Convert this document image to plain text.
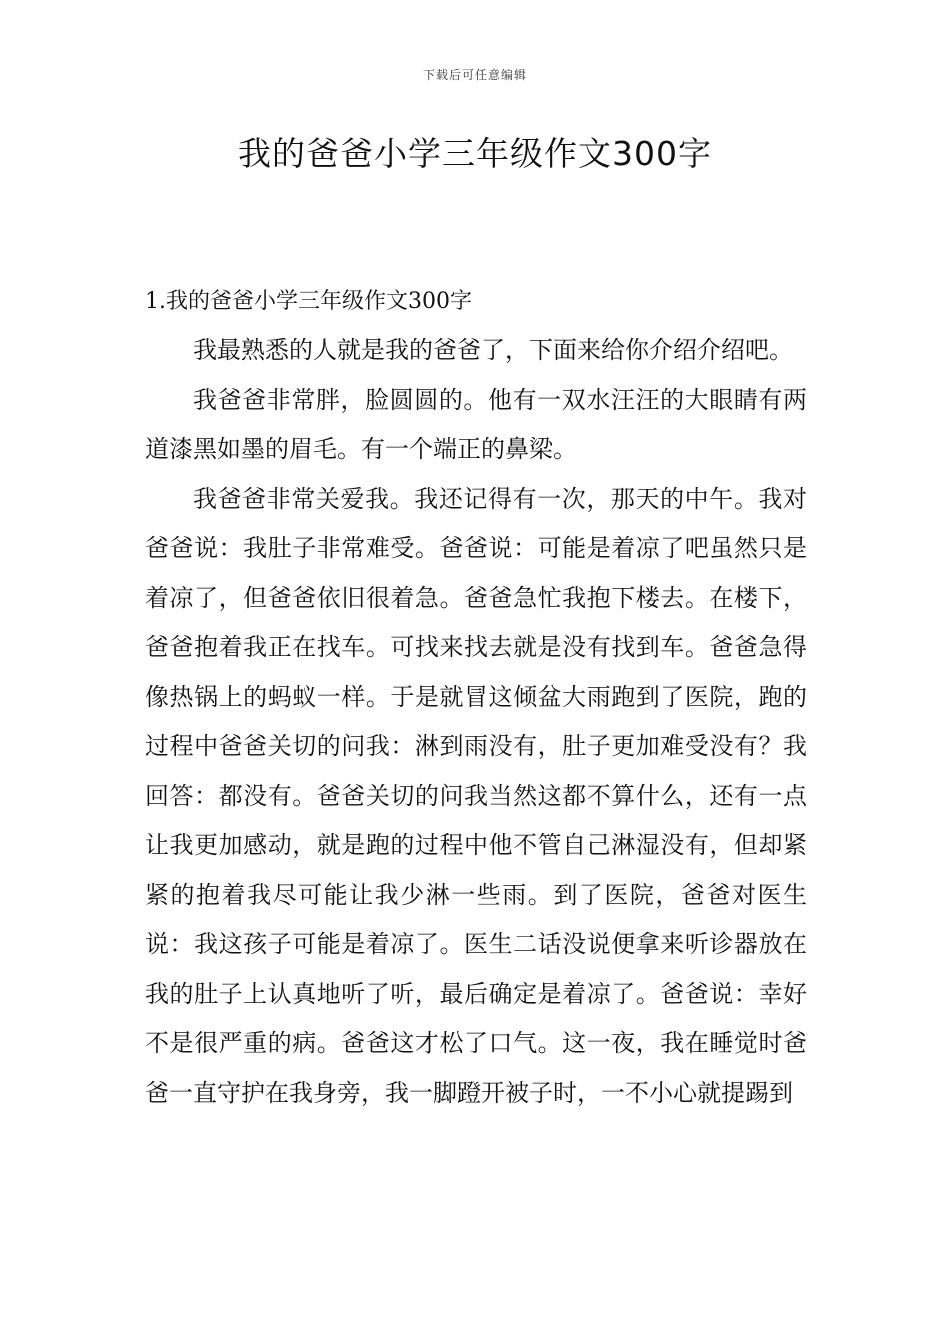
下载后可任意编辑
我的爸爸小学三年级作文300字
1.我的爸爸小学三年级作文300字

我最熟悉的人就是我的爸爸了，下面来给你介绍介绍吧。

我爸爸非常胖，脸圆圆的。他有一双水汪汪的大眼睛有两道漆黑如墨的眉毛。有一个端正的鼻梁。

我爸爸非常关爱我。我还记得有一次，那天的中午。我对爸爸说：我肚子非常难受。爸爸说：可能是着凉了吧虽然只是着凉了，但爸爸依旧很着急。爸爸急忙我抱下楼去。在楼下，爸爸抱着我正在找车。可找来找去就是没有找到车。爸爸急得像热锅上的蚂蚁一样。于是就冒这倾盆大雨跑到了医院，跑的过程中爸爸关切的问我：淋到雨没有，肚子更加难受没有？我回答：都没有。爸爸关切的问我当然这都不算什么，还有一点让我更加感动，就是跑的过程中他不管自己淋湿没有，但却紧紧的抱着我尽可能让我少淋一些雨。到了医院，爸爸对医生说：我这孩子可能是着凉了。医生二话没说便拿来听诊器放在我的肚子上认真地听了听，最后确定是着凉了。爸爸说：幸好不是很严重的病。爸爸这才松了口气。这一夜，我在睡觉时爸爸一直守护在我身旁，我一脚蹬开被子时，一不小心就提踢到
